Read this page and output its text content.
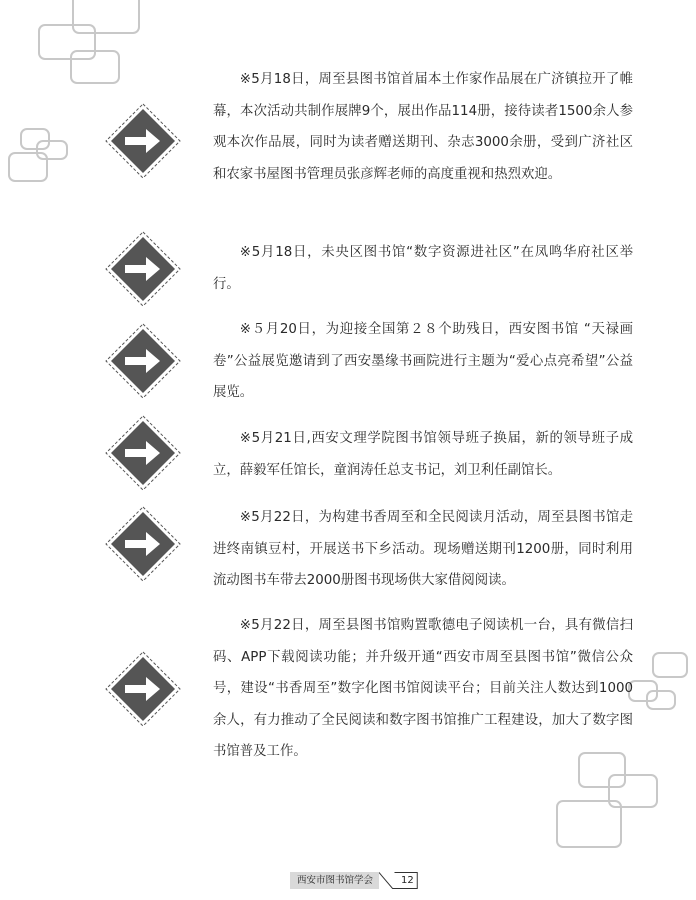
※5月18日，周至县图书馆首届本土作家作品展在广济镇拉开了帷幕，本次活动共制作展牌9个，展出作品114册，接待读者1500余人参观本次作品展，同时为读者赠送期刊、杂志3000余册，受到广济社区和农家书屋图书管理员张彦辉老师的高度重视和热烈欢迎。

※5月18日，未央区图书馆“数字资源进社区”在凤鸣华府社区举行。

※５月20日，为迎接全国第２８个助残日，西安图书馆 “天禄画卷”公益展览邀请到了西安墨缘书画院进行主题为“爱心点亮希望”公益展览。

※5月21日,西安文理学院图书馆领导班子换届，新的领导班子成立，薛毅军任馆长，童润涛任总支书记，刘卫利任副馆长。

※5月22日，为构建书香周至和全民阅读月活动，周至县图书馆走进终南镇豆村，开展送书下乡活动。现场赠送期刊1200册，同时利用流动图书车带去2000册图书现场供大家借阅阅读。

※5月22日，周至县图书馆购置歌德电子阅读机一台，具有微信扫码、APP下载阅读功能；并升级开通“西安市周至县图书馆”微信公众号，建设“书香周至”数字化图书馆阅读平台；目前关注人数达到1000余人，有力推动了全民阅读和数字图书馆推广工程建设，加大了数字图书馆普及工作。

西安市图书馆学会	12
